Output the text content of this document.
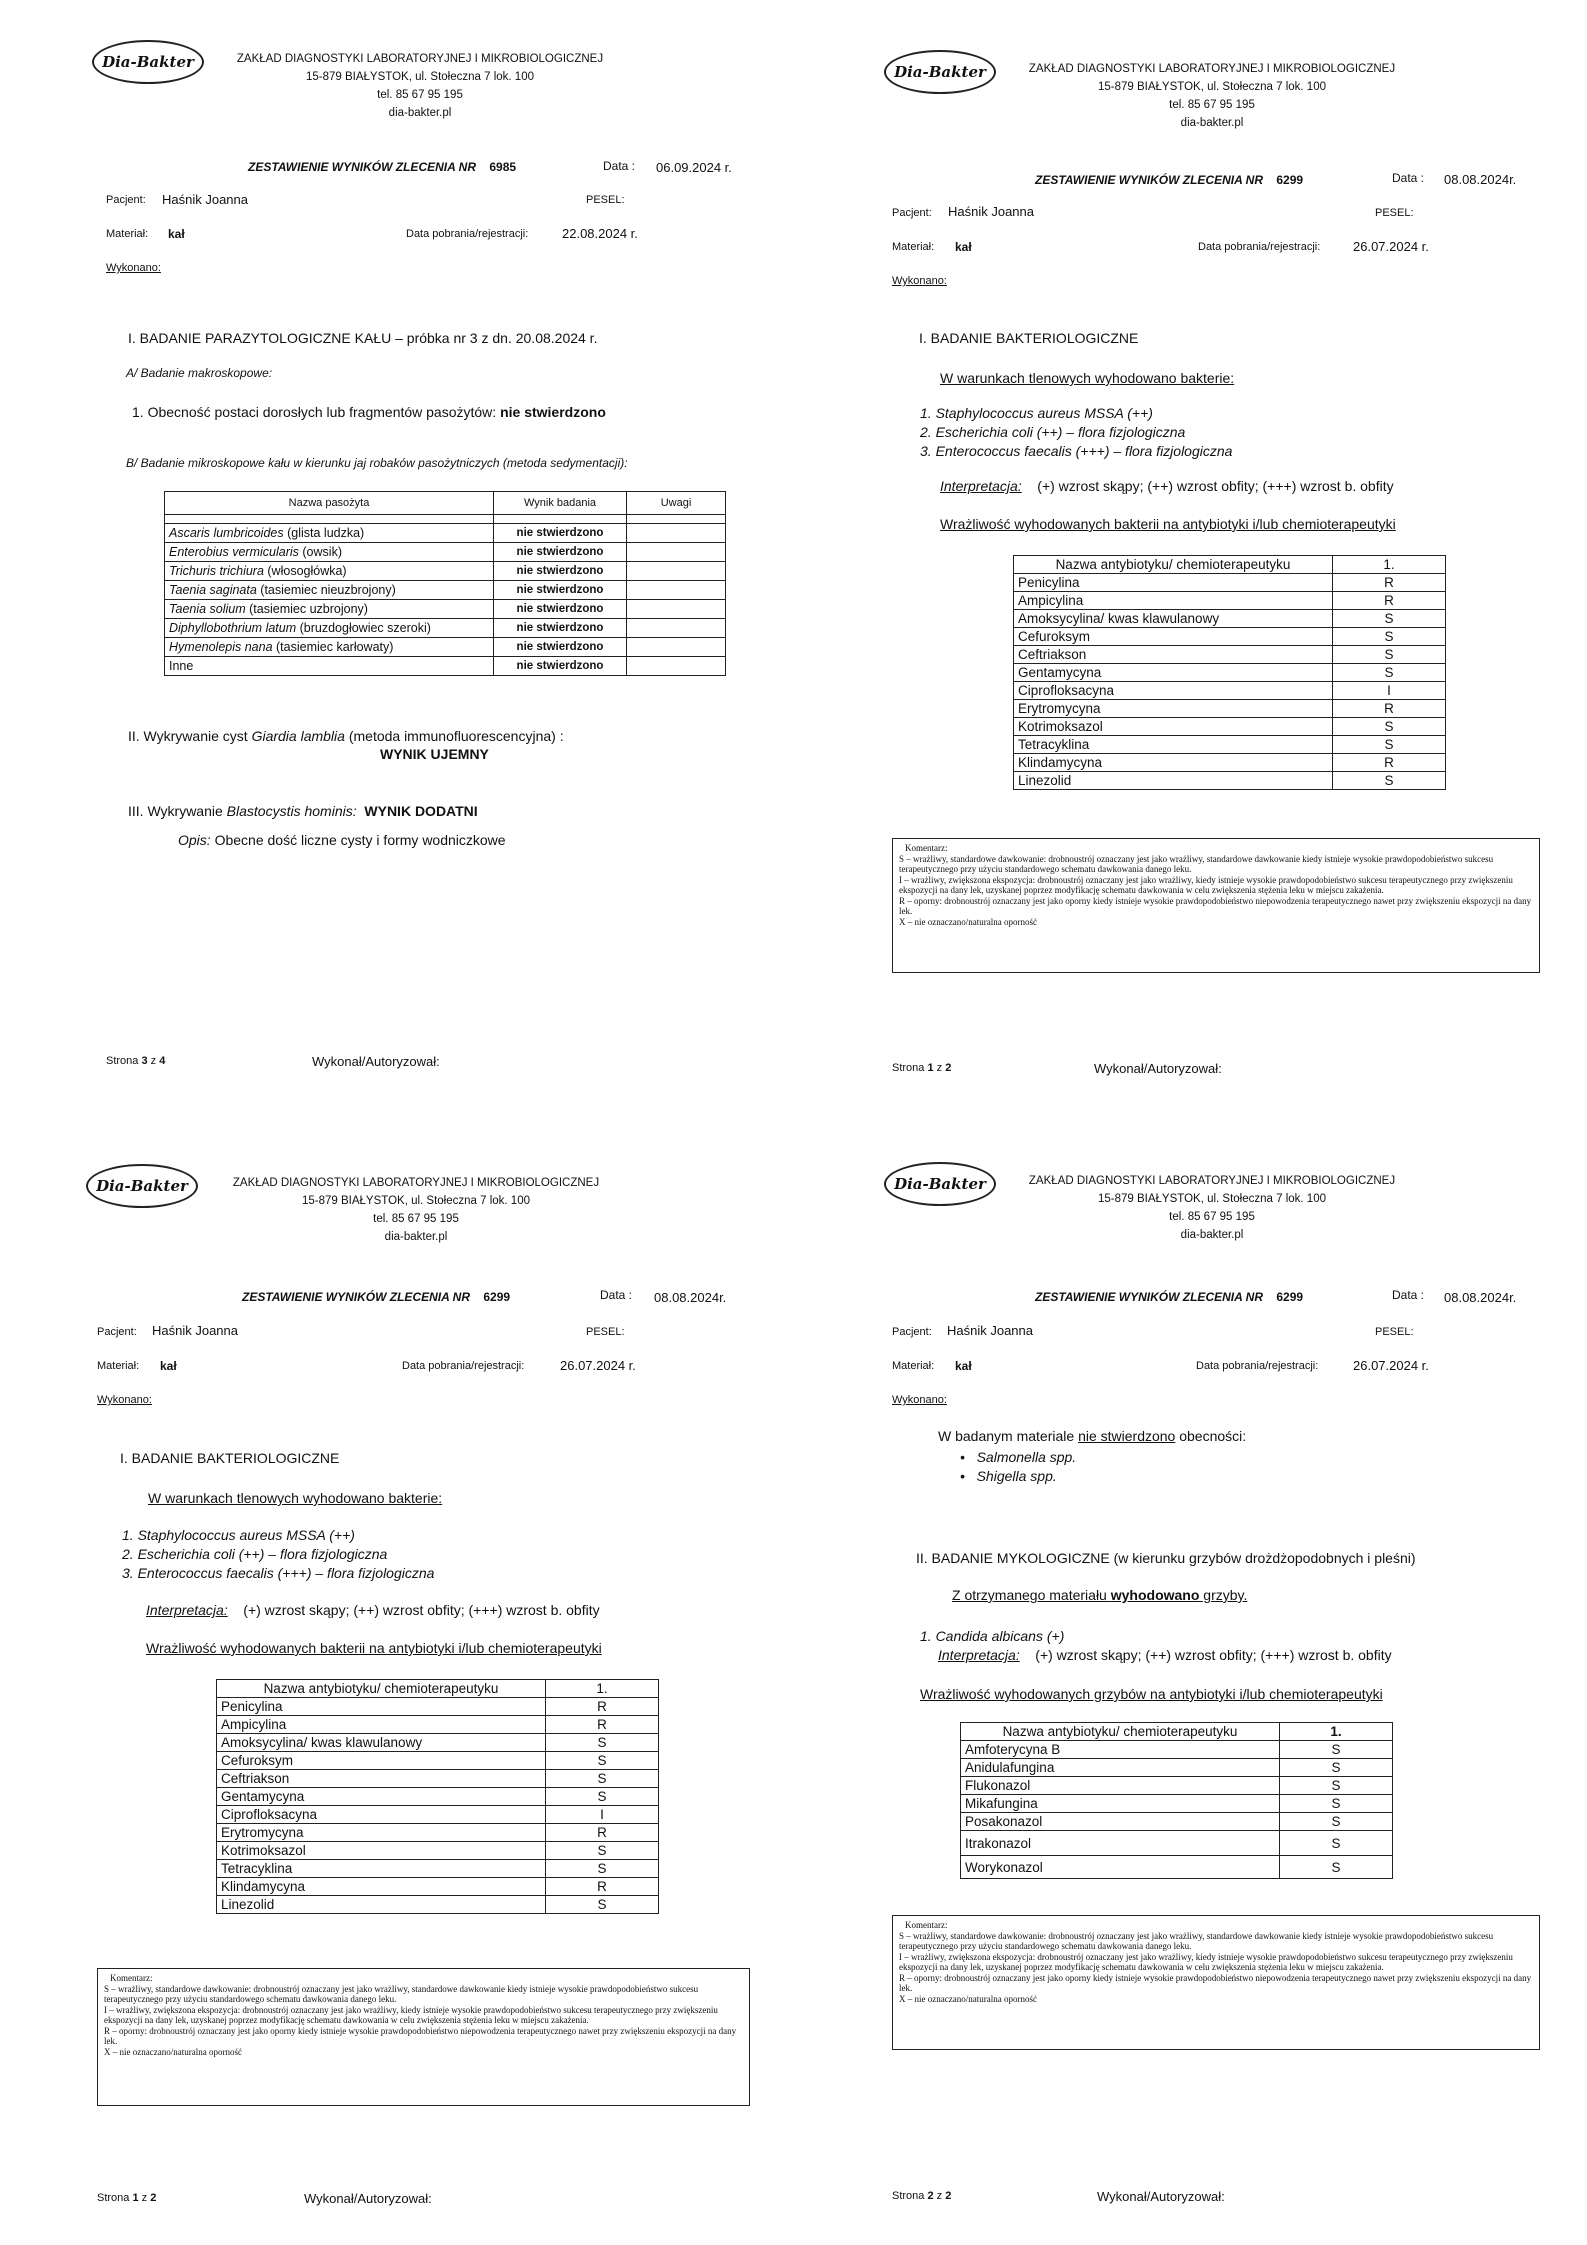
Dia-Bakter	ZAKŁAD DIAGNOSTYKI LABORATORYJNEJ I MIKROBIOLOGICZNEJ
15-879 BIAŁYSTOK, ul. Stołeczna 7 lok. 100
tel. 85 67 95 195
dia-bakter.pl
ZESTAWIENIE WYNIKÓW ZLECENIA NR 6985	Data : 06.09.2024 r.
Pacjent: Haśnik Joanna	PESEL:
Materiał: kał	Data pobrania/rejestracji:	22.08.2024 r.
Wykonano:
I. BADANIE PARAZYTOLOGICZNE KAŁU – próbka nr 3 z dn. 20.08.2024 r.
A/ Badanie makroskopowe:
1. Obecność postaci dorosłych lub fragmentów pasożytów: nie stwierdzono
B/ Badanie mikroskopowe kału w kierunku jaj robaków pasożytniczych (metoda sedymentacji):
Nazwa pasożyta	Wynik badania	Uwagi

Ascaris lumbricoides (glista ludzka)	nie stwierdzono	
Enterobius vermicularis (owsik)	nie stwierdzono	
Trichuris trichiura (włosogłówka)	nie stwierdzono	
Taenia saginata (tasiemiec nieuzbrojony)	nie stwierdzono	
Taenia solium (tasiemiec uzbrojony)	nie stwierdzono	
Diphyllobothrium latum (bruzdogłowiec szeroki)	nie stwierdzono	
Hymenolepis nana (tasiemiec karłowaty)	nie stwierdzono	
Inne	nie stwierdzono	
II. Wykrywanie cyst Giardia lamblia (metoda immunofluorescencyjna) :
WYNIK UJEMNY
III. Wykrywanie Blastocystis hominis: WYNIK DODATNI
Opis: Obecne dość liczne cysty i formy wodniczkowe
Strona 3 z 4	Wykonał/Autoryzował:
Dia-Bakter	ZAKŁAD DIAGNOSTYKI LABORATORYJNEJ I MIKROBIOLOGICZNEJ
15-879 BIAŁYSTOK, ul. Stołeczna 7 lok. 100
tel. 85 67 95 195
dia-bakter.pl
ZESTAWIENIE WYNIKÓW ZLECENIA NR 6299	Data : 08.08.2024r.
Pacjent: Haśnik Joanna	PESEL:
Materiał: kał	Data pobrania/rejestracji:	26.07.2024 r.
Wykonano:
I. BADANIE BAKTERIOLOGICZNE
W warunkach tlenowych wyhodowano bakterie:
1. Staphylococcus aureus MSSA (++)
2. Escherichia coli (++) – flora fizjologiczna
3. Enterococcus faecalis (+++) – flora fizjologiczna
Interpretacja: (+) wzrost skąpy; (++) wzrost obfity; (+++) wzrost b. obfity
Wrażliwość wyhodowanych bakterii na antybiotyki i/lub chemioterapeutyki
Nazwa antybiotyku/ chemioterapeutyku	1.
Penicylina	R
Ampicylina	R
Amoksycylina/ kwas klawulanowy	S
Cefuroksym	S
Ceftriakson	S
Gentamycyna	S
Ciprofloksacyna	I
Erytromycyna	R
Kotrimoksazol	S
Tetracyklina	S
Klindamycyna	R
Linezolid	S
Komentarz:
S – wrażliwy, standardowe dawkowanie: drobnoustrój oznaczany jest jako wrażliwy, standardowe dawkowanie kiedy istnieje wysokie prawdopodobieństwo sukcesu terapeutycznego przy użyciu standardowego schematu dawkowania danego leku.
I – wrażliwy, zwiększona ekspozycja: drobnoustrój oznaczany jest jako wrażliwy, kiedy istnieje wysokie prawdopodobieństwo sukcesu terapeutycznego przy zwiększeniu ekspozycji na dany lek, uzyskanej poprzez modyfikację schematu dawkowania w celu zwiększenia stężenia leku w miejscu zakażenia.
R – oporny: drobnoustrój oznaczany jest jako oporny kiedy istnieje wysokie prawdopodobieństwo niepowodzenia terapeutycznego nawet przy zwiększeniu ekspozycji na dany lek.
X – nie oznaczano/naturalna oporność
Strona 1 z 2	Wykonał/Autoryzował:
Dia-Bakter	ZAKŁAD DIAGNOSTYKI LABORATORYJNEJ I MIKROBIOLOGICZNEJ
15-879 BIAŁYSTOK, ul. Stołeczna 7 lok. 100
tel. 85 67 95 195
dia-bakter.pl
ZESTAWIENIE WYNIKÓW ZLECENIA NR 6299	Data : 08.08.2024r.
Pacjent: Haśnik Joanna	PESEL:
Materiał: kał	Data pobrania/rejestracji:	26.07.2024 r.
Wykonano:
I. BADANIE BAKTERIOLOGICZNE
W warunkach tlenowych wyhodowano bakterie:
1. Staphylococcus aureus MSSA (++)
2. Escherichia coli (++) – flora fizjologiczna
3. Enterococcus faecalis (+++) – flora fizjologiczna
Interpretacja: (+) wzrost skąpy; (++) wzrost obfity; (+++) wzrost b. obfity
Wrażliwość wyhodowanych bakterii na antybiotyki i/lub chemioterapeutyki
Nazwa antybiotyku/ chemioterapeutyku	1.
Penicylina	R
Ampicylina	R
Amoksycylina/ kwas klawulanowy	S
Cefuroksym	S
Ceftriakson	S
Gentamycyna	S
Ciprofloksacyna	I
Erytromycyna	R
Kotrimoksazol	S
Tetracyklina	S
Klindamycyna	R
Linezolid	S
Komentarz:
S – wrażliwy, standardowe dawkowanie: drobnoustrój oznaczany jest jako wrażliwy, standardowe dawkowanie kiedy istnieje wysokie prawdopodobieństwo sukcesu terapeutycznego przy użyciu standardowego schematu dawkowania danego leku.
I – wrażliwy, zwiększona ekspozycja: drobnoustrój oznaczany jest jako wrażliwy, kiedy istnieje wysokie prawdopodobieństwo sukcesu terapeutycznego przy zwiększeniu ekspozycji na dany lek, uzyskanej poprzez modyfikację schematu dawkowania w celu zwiększenia stężenia leku w miejscu zakażenia.
R – oporny: drobnoustrój oznaczany jest jako oporny kiedy istnieje wysokie prawdopodobieństwo niepowodzenia terapeutycznego nawet przy zwiększeniu ekspozycji na dany lek.
X – nie oznaczano/naturalna oporność
Strona 1 z 2	Wykonał/Autoryzował:
Dia-Bakter	ZAKŁAD DIAGNOSTYKI LABORATORYJNEJ I MIKROBIOLOGICZNEJ
15-879 BIAŁYSTOK, ul. Stołeczna 7 lok. 100
tel. 85 67 95 195
dia-bakter.pl
ZESTAWIENIE WYNIKÓW ZLECENIA NR 6299	Data : 08.08.2024r.
Pacjent: Haśnik Joanna	PESEL:
Materiał: kał	Data pobrania/rejestracji:	26.07.2024 r.
Wykonano:
W badanym materiale nie stwierdzono obecności:
•   Salmonella spp.
•   Shigella spp.
II. BADANIE MYKOLOGICZNE (w kierunku grzybów drożdżopodobnych i pleśni)
Z otrzymanego materiału wyhodowano grzyby.
1. Candida albicans (+)
Interpretacja: (+) wzrost skąpy; (++) wzrost obfity; (+++) wzrost b. obfity
Wrażliwość wyhodowanych grzybów na antybiotyki i/lub chemioterapeutyki
Nazwa antybiotyku/ chemioterapeutyku	1.
Amfoterycyna B	S
Anidulafungina	S
Flukonazol	S
Mikafungina	S
Posakonazol	S
Itrakonazol	S
Worykonazol	S
Komentarz:
S – wrażliwy, standardowe dawkowanie: drobnoustrój oznaczany jest jako wrażliwy, standardowe dawkowanie kiedy istnieje wysokie prawdopodobieństwo sukcesu terapeutycznego przy użyciu standardowego schematu dawkowania danego leku.
I – wrażliwy, zwiększona ekspozycja: drobnoustrój oznaczany jest jako wrażliwy, kiedy istnieje wysokie prawdopodobieństwo sukcesu terapeutycznego przy zwiększeniu ekspozycji na dany lek, uzyskanej poprzez modyfikację schematu dawkowania w celu zwiększenia stężenia leku w miejscu zakażenia.
R – oporny: drobnoustrój oznaczany jest jako oporny kiedy istnieje wysokie prawdopodobieństwo niepowodzenia terapeutycznego nawet przy zwiększeniu ekspozycji na dany lek.
X – nie oznaczano/naturalna oporność
Strona 2 z 2	Wykonał/Autoryzował:
